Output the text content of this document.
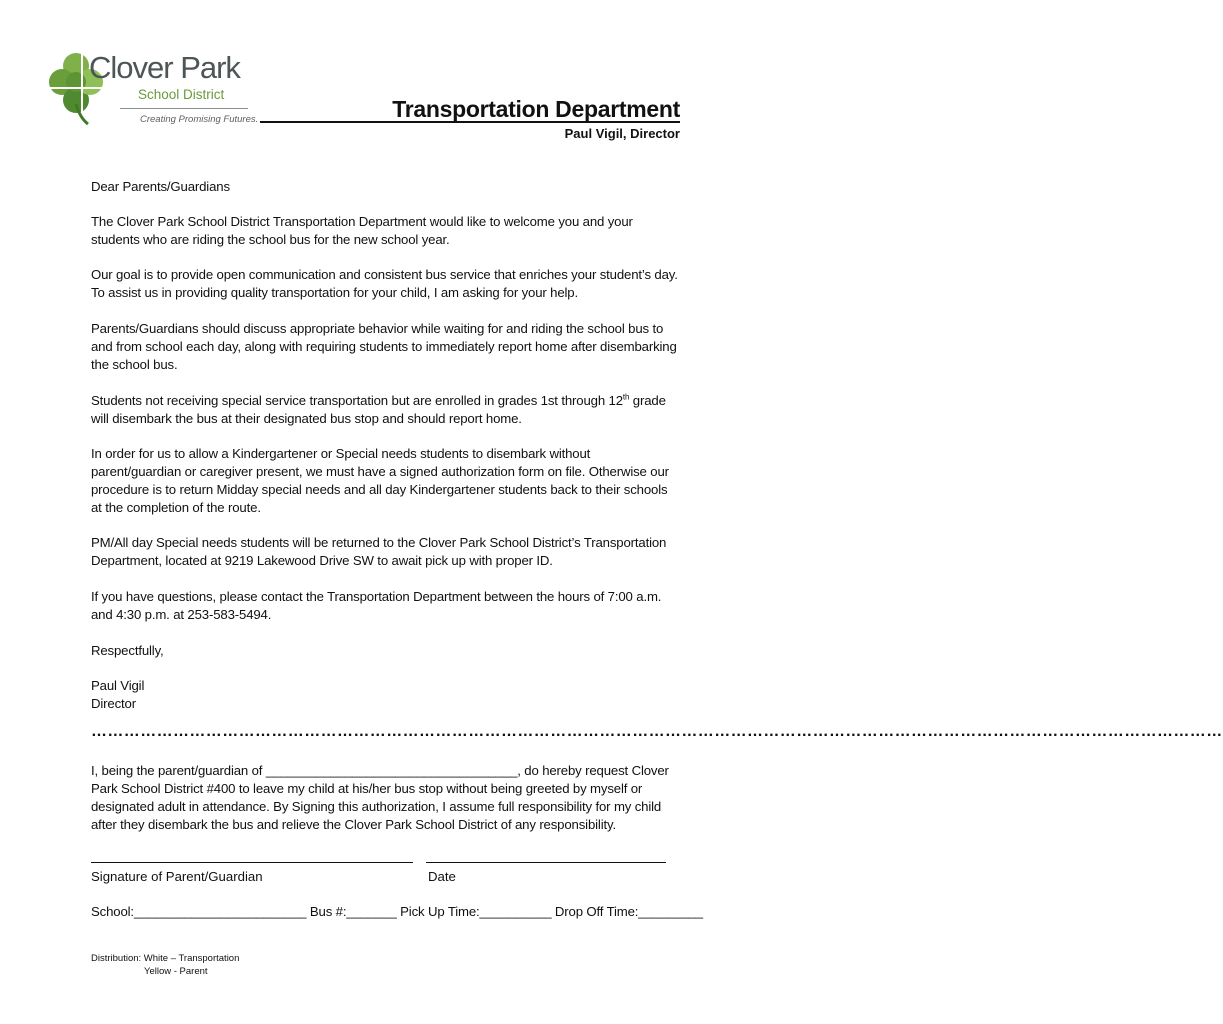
Clover Park
School District
Creating Promising Futures.	Transportation Department
Paul Vigil, Director
Dear Parents/Guardians
The Clover Park School District Transportation Department would like to welcome you and your students who are riding the school bus for the new school year.
Our goal is to provide open communication and consistent bus service that enriches your student’s day. To assist us in providing quality transportation for your child, I am asking for your help.
Parents/Guardians should discuss appropriate behavior while waiting for and riding the school bus to and from school each day, along with requiring students to immediately report home after disembarking the school bus.
Students not receiving special service transportation but are enrolled in grades 1st through 12th grade will disembark the bus at their designated bus stop and should report home.
In order for us to allow a Kindergartener or Special needs students to disembark without parent/guardian or caregiver present, we must have a signed authorization form on file. Otherwise our procedure is to return Midday special needs and all day Kindergartener students back to their schools at the completion of the route.
PM/All day Special needs students will be returned to the Clover Park School District’s Transportation Department, located at 9219 Lakewood Drive SW to await pick up with proper ID.
If you have questions, please contact the Transportation Department between the hours of 7:00 a.m. and 4:30 p.m. at 253-583-5494.
Respectfully,
Paul Vigil
Director
………………………………………………………………………………………………………………………………………………………………………………………
I, being the parent/guardian of ___________________________________, do hereby request Clover Park School District #400 to leave my child at his/her bus stop without being greeted by myself or designated adult in attendance. By Signing this authorization, I assume full responsibility for my child after they disembark the bus and relieve the Clover Park School District of any responsibility.
Signature of Parent/Guardian	Date
School:________________________ Bus #:_______ Pick Up Time:__________ Drop Off Time:_________
Distribution: White – Transportation
Yellow - Parent
